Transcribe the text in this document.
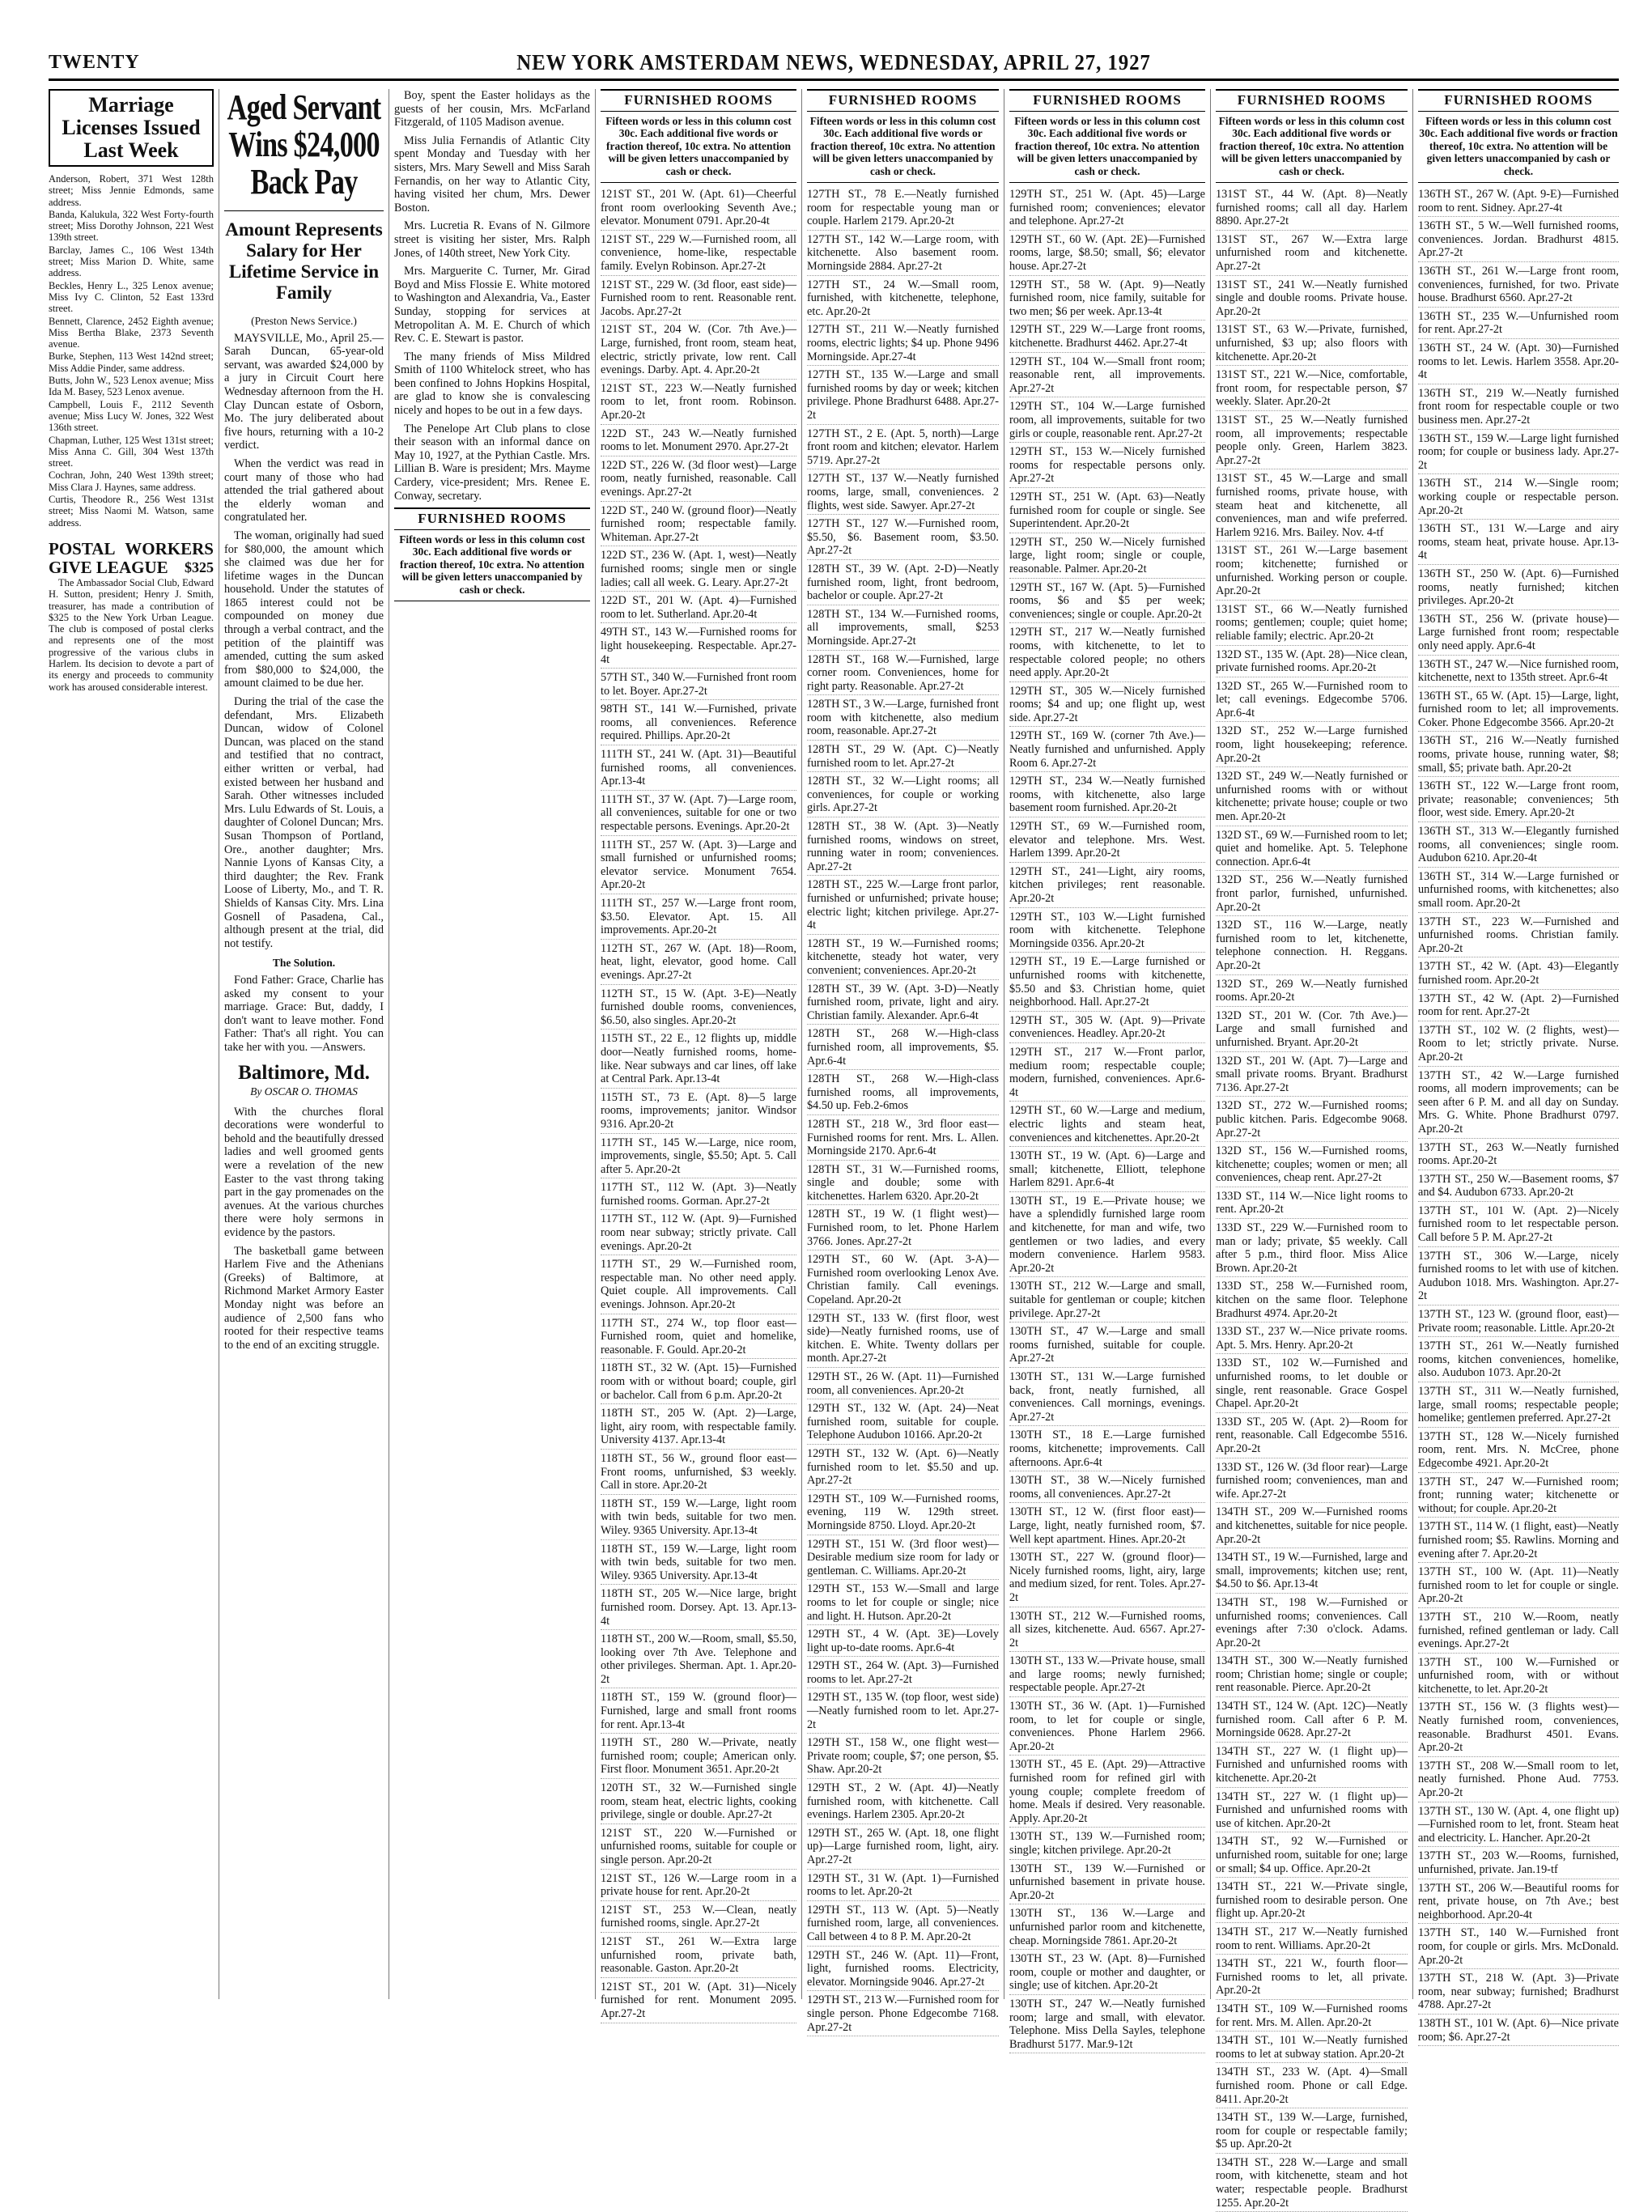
TWENTY	NEW YORK AMSTERDAM NEWS, WEDNESDAY, APRIL 27, 1927
Marriage Licenses Issued Last Week
Anderson, Robert, 371 West 128th street; Miss Jennie Edmonds, same address.
Banda, Kalukula, 322 West Forty-fourth street; Miss Dorothy Johnson, 221 West 139th street.
Barclay, James C., 106 West 134th street; Miss Marion D. White, same address.
Beckles, Henry L., 325 Lenox avenue; Miss Ivy C. Clinton, 52 East 133rd street.
Bennett, Clarence, 2452 Eighth avenue; Miss Bertha Blake, 2373 Seventh avenue.
Burke, Stephen, 113 West 142nd street; Miss Addie Pinder, same address.
Butts, John W., 523 Lenox avenue; Miss Ida M. Basey, 523 Lenox avenue.
Campbell, Louis F., 2112 Seventh avenue; Miss Lucy W. Jones, 322 West 136th street.
Chapman, Luther, 125 West 131st street; Miss Anna C. Gill, 304 West 137th street.
Cochran, John, 240 West 139th street; Miss Clara J. Haynes, same address.
Curtis, Theodore R., 256 West 131st street; Miss Naomi M. Watson, same address.
POSTAL WORKERS GIVE LEAGUE $325

The Ambassador Social Club, Edward H. Sutton, president; Henry J. Smith, treasurer, has made a contribution of $325 to the New York Urban League. The club is composed of postal clerks and represents one of the most progressive of the various clubs in Harlem. Its decision to devote a part of its energy and proceeds to community work has aroused considerable interest.

Aged Servant Wins $24,000 Back Pay
Amount Represents Salary for Her Lifetime Service in Family
(Preston News Service.)
MAYSVILLE, Mo., April 25.— Sarah Duncan, 65-year-old servant, was awarded $24,000 by a jury in Circuit Court here Wednesday afternoon from the H. Clay Duncan estate of Osborn, Mo. The jury deliberated about five hours, returning with a 10-2 verdict.
When the verdict was read in court many of those who had attended the trial gathered about the elderly woman and congratulated her.
The woman, originally had sued for $80,000, the amount which she claimed was due her for lifetime wages in the Duncan household. Under the statutes of 1865 interest could not be compounded on money due through a verbal contract, and the petition of the plaintiff was amended, cutting the sum asked from $80,000 to $24,000, the amount claimed to be due her.
During the trial of the case the defendant, Mrs. Elizabeth Duncan, widow of Colonel Duncan, was placed on the stand and testified that no contract, either written or verbal, had existed between her husband and Sarah. Other witnesses included Mrs. Lulu Edwards of St. Louis, a daughter of Colonel Duncan; Mrs. Susan Thompson of Portland, Ore., another daughter; Mrs. Nannie Lyons of Kansas City, a third daughter; the Rev. Frank Loose of Liberty, Mo., and T. R. Shields of Kansas City. Mrs. Lina Gosnell of Pasadena, Cal., although present at the trial, did not testify.
The Solution.

Fond Father: Grace, Charlie has asked my consent to your marriage. Grace: But, daddy, I don't want to leave mother. Fond Father: That's all right. You can take her with you. —Answers.

Baltimore, Md.
By OSCAR O. THOMAS
With the churches floral decorations were wonderful to behold and the beautifully dressed ladies and well groomed gents were a revelation of the new Easter to the vast throng taking part in the gay promenades on the avenues. At the various churches there were holy sermons in evidence by the pastors.
The basketball game between Harlem Five and the Athenians (Greeks) of Baltimore, at Richmond Market Armory Easter Monday night was before an audience of 2,500 fans who rooted for their respective teams to the end of an exciting struggle.
Boy, spent the Easter holidays as the guests of her cousin, Mrs. McFarland Fitzgerald, of 1105 Madison avenue.
Miss Julia Fernandis of Atlantic City spent Monday and Tuesday with her sisters, Mrs. Mary Sewell and Miss Sarah Fernandis, on her way to Atlantic City, having visited her chum, Mrs. Dewer Boston.
Mrs. Lucretia R. Evans of N. Gilmore street is visiting her sister, Mrs. Ralph Jones, of 140th street, New York City.
Mrs. Marguerite C. Turner, Mr. Girad Boyd and Miss Flossie E. White motored to Washington and Alexandria, Va., Easter Sunday, stopping for services at Metropolitan A. M. E. Church of which Rev. C. E. Stewart is pastor.
The many friends of Miss Mildred Smith of 1100 Whitelock street, who has been confined to Johns Hopkins Hospital, are glad to know she is convalescing nicely and hopes to be out in a few days.
The Penelope Art Club plans to close their season with an informal dance on May 10, 1927, at the Pythian Castle. Mrs. Lillian B. Ware is president; Mrs. Mayme Cardery, vice-president; Mrs. Renee E. Conway, secretary.
FURNISHED ROOMS
Fifteen words or less in this column cost 30c. Each additional five words or fraction thereof, 10c extra. No attention will be given letters unaccompanied by cash or check.
FURNISHED ROOMS
Fifteen words or less in this column cost 30c. Each additional five words or fraction thereof, 10c extra. No attention will be given letters unaccompanied by cash or check.
121ST ST., 201 W. (Apt. 61)—Cheerful front room overlooking Seventh Ave.; elevator. Monument 0791. Apr.20-4t
121ST ST., 229 W.—Furnished room, all convenience, home-like, respectable family. Evelyn Robinson. Apr.27-2t
121ST ST., 229 W. (3d floor, east side)—Furnished room to rent. Reasonable rent. Jacobs. Apr.27-2t
121ST ST., 204 W. (Cor. 7th Ave.)—Large, furnished, front room, steam heat, electric, strictly private, low rent. Call evenings. Darby. Apt. 4. Apr.20-2t
121ST ST., 223 W.—Neatly furnished room to let, front room. Robinson. Apr.20-2t
122D ST., 243 W.—Neatly furnished rooms to let. Monument 2970. Apr.27-2t
122D ST., 226 W. (3d floor west)—Large room, neatly furnished, reasonable. Call evenings. Apr.27-2t
122D ST., 240 W. (ground floor)—Neatly furnished room; respectable family. Whiteman. Apr.27-2t
122D ST., 236 W. (Apt. 1, west)—Neatly furnished rooms; single men or single ladies; call all week. G. Leary. Apr.27-2t
122D ST., 201 W. (Apt. 4)—Furnished room to let. Sutherland. Apr.20-4t
49TH ST., 143 W.—Furnished rooms for light housekeeping. Respectable. Apr.27-4t
57TH ST., 340 W.—Furnished front room to let. Boyer. Apr.27-2t
98TH ST., 141 W.—Furnished, private rooms, all conveniences. Reference required. Phillips. Apr.20-2t
111TH ST., 241 W. (Apt. 31)—Beautiful furnished rooms, all conveniences. Apr.13-4t
111TH ST., 37 W. (Apt. 7)—Large room, all conveniences, suitable for one or two respectable persons. Evenings. Apr.20-2t
111TH ST., 257 W. (Apt. 3)—Large and small furnished or unfurnished rooms; elevator service. Monument 7654. Apr.20-2t
111TH ST., 257 W.—Large front room, $3.50. Elevator. Apt. 15. All improvements. Apr.20-2t
112TH ST., 267 W. (Apt. 18)—Room, heat, light, elevator, good home. Call evenings. Apr.27-2t
112TH ST., 15 W. (Apt. 3-E)—Neatly furnished double rooms, conveniences, $6.50, also singles. Apr.20-2t
115TH ST., 22 E., 12 flights up, middle door—Neatly furnished rooms, home-like. Near subways and car lines, off lake at Central Park. Apr.13-4t
115TH ST., 73 E. (Apt. 8)—5 large rooms, improvements; janitor. Windsor 9316. Apr.20-2t
117TH ST., 145 W.—Large, nice room, improvements, single, $5.50; Apt. 5. Call after 5. Apr.20-2t
117TH ST., 112 W. (Apt. 3)—Neatly furnished rooms. Gorman. Apr.27-2t
117TH ST., 112 W. (Apt. 9)—Furnished room near subway; strictly private. Call evenings. Apr.20-2t
117TH ST., 29 W.—Furnished room, respectable man. No other need apply. Quiet couple. All improvements. Call evenings. Johnson. Apr.20-2t
117TH ST., 274 W., top floor east—Furnished room, quiet and homelike, reasonable. F. Gould. Apr.20-2t
118TH ST., 32 W. (Apt. 15)—Furnished room with or without board; couple, girl or bachelor. Call from 6 p.m. Apr.20-2t
118TH ST., 205 W. (Apt. 2)—Large, light, airy room, with respectable family. University 4137. Apr.13-4t
118TH ST., 56 W., ground floor east—Front rooms, unfurnished, $3 weekly. Call in store. Apr.20-2t
118TH ST., 159 W.—Large, light room with twin beds, suitable for two men. Wiley. 9365 University. Apr.13-4t
118TH ST., 159 W.—Large, light room with twin beds, suitable for two men. Wiley. 9365 University. Apr.13-4t
118TH ST., 205 W.—Nice large, bright furnished room. Dorsey. Apt. 13. Apr.13-4t
118TH ST., 200 W.—Room, small, $5.50, looking over 7th Ave. Telephone and other privileges. Sherman. Apt. 1. Apr.20-2t
118TH ST., 159 W. (ground floor)—Furnished, large and small front rooms for rent. Apr.13-4t
119TH ST., 280 W.—Private, neatly furnished room; couple; American only. First floor. Monument 3651. Apr.20-2t
120TH ST., 32 W.—Furnished single room, steam heat, electric lights, cooking privilege, single or double. Apr.27-2t
121ST ST., 220 W.—Furnished or unfurnished rooms, suitable for couple or single person. Apr.20-2t
121ST ST., 126 W.—Large room in a private house for rent. Apr.20-2t
121ST ST., 253 W.—Clean, neatly furnished rooms, single. Apr.27-2t
121ST ST., 261 W.—Extra large unfurnished room, private bath, reasonable. Gaston. Apr.20-2t
121ST ST., 201 W. (Apt. 31)—Nicely furnished for rent. Monument 2095. Apr.27-2t
FURNISHED ROOMS
Fifteen words or less in this column cost 30c. Each additional five words or fraction thereof, 10c extra. No attention will be given letters unaccompanied by cash or check.
127TH ST., 78 E.—Neatly furnished room for respectable young man or couple. Harlem 2179. Apr.20-2t
127TH ST., 142 W.—Large room, with kitchenette. Also basement room. Morningside 2884. Apr.27-2t
127TH ST., 24 W.—Small room, furnished, with kitchenette, telephone, etc. Apr.20-2t
127TH ST., 211 W.—Neatly furnished rooms, electric lights; $4 up. Phone 9496 Morningside. Apr.27-4t
127TH ST., 135 W.—Large and small furnished rooms by day or week; kitchen privilege. Phone Bradhurst 6488. Apr.27-2t
127TH ST., 2 E. (Apt. 5, north)—Large front room and kitchen; elevator. Harlem 5719. Apr.27-2t
127TH ST., 137 W.—Neatly furnished rooms, large, small, conveniences. 2 flights, west side. Sawyer. Apr.27-2t
127TH ST., 127 W.—Furnished room, $5.50, $6. Basement room, $3.50. Apr.27-2t
128TH ST., 39 W. (Apt. 2-D)—Neatly furnished room, light, front bedroom, bachelor or couple. Apr.27-2t
128TH ST., 134 W.—Furnished rooms, all improvements, small, $253 Morningside. Apr.27-2t
128TH ST., 168 W.—Furnished, large corner room. Conveniences, home for right party. Reasonable. Apr.27-2t
128TH ST., 3 W.—Large, furnished front room with kitchenette, also medium room, reasonable. Apr.27-2t
128TH ST., 29 W. (Apt. C)—Neatly furnished room to let. Apr.27-2t
128TH ST., 32 W.—Light rooms; all conveniences, for couple or working girls. Apr.27-2t
128TH ST., 38 W. (Apt. 3)—Neatly furnished rooms, windows on street, running water in room; conveniences. Apr.27-2t
128TH ST., 225 W.—Large front parlor, furnished or unfurnished; private house; electric light; kitchen privilege. Apr.27-4t
128TH ST., 19 W.—Furnished rooms; kitchenette, steady hot water, very convenient; conveniences. Apr.20-2t
128TH ST., 39 W. (Apt. 3-D)—Neatly furnished room, private, light and airy. Christian family. Alexander. Apr.6-4t
128TH ST., 268 W.—High-class furnished room, all improvements, $5. Apr.6-4t
128TH ST., 268 W.—High-class furnished rooms, all improvements, $4.50 up. Feb.2-6mos
128TH ST., 218 W., 3rd floor east—Furnished rooms for rent. Mrs. L. Allen. Morningside 2170. Apr.6-4t
128TH ST., 31 W.—Furnished rooms, single and double; some with kitchenettes. Harlem 6320. Apr.20-2t
128TH ST., 19 W. (1 flight west)—Furnished room, to let. Phone Harlem 3766. Jones. Apr.27-2t
129TH ST., 60 W. (Apt. 3-A)—Furnished room overlooking Lenox Ave. Christian family. Call evenings. Copeland. Apr.20-2t
129TH ST., 133 W. (first floor, west side)—Neatly furnished rooms, use of kitchen. E. White. Twenty dollars per month. Apr.27-2t
129TH ST., 26 W. (Apt. 11)—Furnished room, all conveniences. Apr.20-2t
129TH ST., 132 W. (Apt. 24)—Neat furnished room, suitable for couple. Telephone Audubon 10166. Apr.20-2t
129TH ST., 132 W. (Apt. 6)—Neatly furnished room to let. $5.50 and up. Apr.27-2t
129TH ST., 109 W.—Furnished rooms, evening, 119 W. 129th street. Morningside 8750. Lloyd. Apr.20-2t
129TH ST., 151 W. (3rd floor west)—Desirable medium size room for lady or gentleman. C. Williams. Apr.20-2t
129TH ST., 153 W.—Small and large rooms to let for couple or single; nice and light. H. Hutson. Apr.20-2t
129TH ST., 4 W. (Apt. 3E)—Lovely light up-to-date rooms. Apr.6-4t
129TH ST., 264 W. (Apt. 3)—Furnished rooms to let. Apr.27-2t
129TH ST., 135 W. (top floor, west side)—Neatly furnished room to let. Apr.27-2t
129TH ST., 158 W., one flight west—Private room; couple, $7; one person, $5. Shaw. Apr.20-2t
129TH ST., 2 W. (Apt. 4J)—Neatly furnished room, with kitchenette. Call evenings. Harlem 2305. Apr.20-2t
129TH ST., 265 W. (Apt. 18, one flight up)—Large furnished room, light, airy. Apr.27-2t
129TH ST., 31 W. (Apt. 1)—Furnished rooms to let. Apr.20-2t
129TH ST., 113 W. (Apt. 5)—Neatly furnished room, large, all conveniences. Call between 4 to 8 P. M. Apr.20-2t
129TH ST., 246 W. (Apt. 11)—Front, light, furnished rooms. Electricity, elevator. Morningside 9046. Apr.27-2t
129TH ST., 213 W.—Furnished room for single person. Phone Edgecombe 7168. Apr.27-2t
FURNISHED ROOMS
Fifteen words or less in this column cost 30c. Each additional five words or fraction thereof, 10c extra. No attention will be given letters unaccompanied by cash or check.
129TH ST., 251 W. (Apt. 45)—Large furnished room; conveniences; elevator and telephone. Apr.27-2t
129TH ST., 60 W. (Apt. 2E)—Furnished rooms, large, $8.50; small, $6; elevator house. Apr.27-2t
129TH ST., 58 W. (Apt. 9)—Neatly furnished room, nice family, suitable for two men; $6 per week. Apr.13-4t
129TH ST., 229 W.—Large front rooms, kitchenette. Bradhurst 4462. Apr.27-4t
129TH ST., 104 W.—Small front room; reasonable rent, all improvements. Apr.27-2t
129TH ST., 104 W.—Large furnished room, all improvements, suitable for two girls or couple, reasonable rent. Apr.27-2t
129TH ST., 153 W.—Nicely furnished rooms for respectable persons only. Apr.27-2t
129TH ST., 251 W. (Apt. 63)—Neatly furnished room for couple or single. See Superintendent. Apr.20-2t
129TH ST., 250 W.—Nicely furnished large, light room; single or couple, reasonable. Palmer. Apr.20-2t
129TH ST., 167 W. (Apt. 5)—Furnished rooms, $6 and $5 per week; conveniences; single or couple. Apr.20-2t
129TH ST., 217 W.—Neatly furnished rooms, with kitchenette, to let to respectable colored people; no others need apply. Apr.20-2t
129TH ST., 305 W.—Nicely furnished rooms; $4 and up; one flight up, west side. Apr.27-2t
129TH ST., 169 W. (corner 7th Ave.)—Neatly furnished and unfurnished. Apply Room 6. Apr.27-2t
129TH ST., 234 W.—Neatly furnished rooms, with kitchenette, also large basement room furnished. Apr.20-2t
129TH ST., 69 W.—Furnished room, elevator and telephone. Mrs. West. Harlem 1399. Apr.20-2t
129TH ST., 241—Light, airy rooms, kitchen privileges; rent reasonable. Apr.20-2t
129TH ST., 103 W.—Light furnished room with kitchenette. Telephone Morningside 0356. Apr.20-2t
129TH ST., 19 E.—Large furnished or unfurnished rooms with kitchenette, $5.50 and $3. Christian home, quiet neighborhood. Hall. Apr.27-2t
129TH ST., 305 W. (Apt. 9)—Private conveniences. Headley. Apr.20-2t
129TH ST., 217 W.—Front parlor, medium room; respectable couple; modern, furnished, conveniences. Apr.6-4t
129TH ST., 60 W.—Large and medium, electric lights and steam heat, conveniences and kitchenettes. Apr.20-2t
130TH ST., 19 W. (Apt. 6)—Large and small; kitchenette, Elliott, telephone Harlem 8291. Apr.6-4t
130TH ST., 19 E.—Private house; we have a splendidly furnished large room and kitchenette, for man and wife, two gentlemen or two ladies, and every modern convenience. Harlem 9583. Apr.20-2t
130TH ST., 212 W.—Large and small, suitable for gentleman or couple; kitchen privilege. Apr.27-2t
130TH ST., 47 W.—Large and small rooms furnished, suitable for couple. Apr.27-2t
130TH ST., 131 W.—Large furnished back, front, neatly furnished, all conveniences. Call mornings, evenings. Apr.27-2t
130TH ST., 18 E.—Large furnished rooms, kitchenette; improvements. Call afternoons. Apr.6-4t
130TH ST., 38 W.—Nicely furnished rooms, all conveniences. Apr.27-2t
130TH ST., 12 W. (first floor east)—Large, light, neatly furnished room, $7. Well kept apartment. Hines. Apr.20-2t
130TH ST., 227 W. (ground floor)—Nicely furnished rooms, light, airy, large and medium sized, for rent. Toles. Apr.27-2t
130TH ST., 212 W.—Furnished rooms, all sizes, kitchenette. Aud. 6567. Apr.27-2t
130TH ST., 133 W.—Private house, small and large rooms; newly furnished; respectable people. Apr.27-2t
130TH ST., 36 W. (Apt. 1)—Furnished room, to let for couple or single, conveniences. Phone Harlem 2966. Apr.20-2t
130TH ST., 45 E. (Apt. 29)—Attractive furnished room for refined girl with young couple; complete freedom of home. Meals if desired. Very reasonable. Apply. Apr.20-2t
130TH ST., 139 W.—Furnished room; single; kitchen privilege. Apr.20-2t
130TH ST., 139 W.—Furnished or unfurnished basement in private house. Apr.20-2t
130TH ST., 136 W.—Large and unfurnished parlor room and kitchenette, cheap. Morningside 7861. Apr.20-2t
130TH ST., 23 W. (Apt. 8)—Furnished room, couple or mother and daughter, or single; use of kitchen. Apr.20-2t
130TH ST., 247 W.—Neatly furnished room; large and small, with elevator. Telephone. Miss Della Sayles, telephone Bradhurst 5177. Mar.9-12t
FURNISHED ROOMS
Fifteen words or less in this column cost 30c. Each additional five words or fraction thereof, 10c extra. No attention will be given letters unaccompanied by cash or check.
131ST ST., 44 W. (Apt. 8)—Neatly furnished rooms; call all day. Harlem 8890. Apr.27-2t
131ST ST., 267 W.—Extra large unfurnished room and kitchenette. Apr.27-2t
131ST ST., 241 W.—Neatly furnished single and double rooms. Private house. Apr.20-2t
131ST ST., 63 W.—Private, furnished, unfurnished, $3 up; also floors with kitchenette. Apr.20-2t
131ST ST., 221 W.—Nice, comfortable, front room, for respectable person, $7 weekly. Slater. Apr.20-2t
131ST ST., 25 W.—Neatly furnished room, all improvements; respectable people only. Green, Harlem 3823. Apr.27-2t
131ST ST., 45 W.—Large and small furnished rooms, private house, with steam heat and kitchenette, all conveniences, man and wife preferred. Harlem 9216. Mrs. Bailey. Nov. 4-tf
131ST ST., 261 W.—Large basement room; kitchenette; furnished or unfurnished. Working person or couple. Apr.20-2t
131ST ST., 66 W.—Neatly furnished rooms; gentlemen; couple; quiet home; reliable family; electric. Apr.20-2t
132D ST., 135 W. (Apt. 28)—Nice clean, private furnished rooms. Apr.20-2t
132D ST., 265 W.—Furnished room to let; call evenings. Edgecombe 5706. Apr.6-4t
132D ST., 252 W.—Large furnished room, light housekeeping; reference. Apr.20-2t
132D ST., 249 W.—Neatly furnished or unfurnished rooms with or without kitchenette; private house; couple or two men. Apr.20-2t
132D ST., 69 W.—Furnished room to let; quiet and homelike. Apt. 5. Telephone connection. Apr.6-4t
132D ST., 256 W.—Neatly furnished front parlor, furnished, unfurnished. Apr.20-2t
132D ST., 116 W.—Large, neatly furnished room to let, kitchenette, telephone connection. H. Reggans. Apr.20-2t
132D ST., 269 W.—Neatly furnished rooms. Apr.20-2t
132D ST., 201 W. (Cor. 7th Ave.)—Large and small furnished and unfurnished. Bryant. Apr.20-2t
132D ST., 201 W. (Apt. 7)—Large and small private rooms. Bryant. Bradhurst 7136. Apr.27-2t
132D ST., 272 W.—Furnished rooms; public kitchen. Paris. Edgecombe 9068. Apr.27-2t
132D ST., 156 W.—Furnished rooms, kitchenette; couples; women or men; all conveniences, cheap rent. Apr.27-2t
133D ST., 114 W.—Nice light rooms to rent. Apr.20-2t
133D ST., 229 W.—Furnished room to man or lady; private, $5 weekly. Call after 5 p.m., third floor. Miss Alice Brown. Apr.20-2t
133D ST., 258 W.—Furnished room, kitchen on the same floor. Telephone Bradhurst 4974. Apr.20-2t
133D ST., 237 W.—Nice private rooms. Apt. 5. Mrs. Henry. Apr.20-2t
133D ST., 102 W.—Furnished and unfurnished rooms, to let double or single, rent reasonable. Grace Gospel Chapel. Apr.20-2t
133D ST., 205 W. (Apt. 2)—Room for rent, reasonable. Call Edgecombe 5516. Apr.20-2t
133D ST., 126 W. (3d floor rear)—Large furnished room; conveniences, man and wife. Apr.27-2t
134TH ST., 209 W.—Furnished rooms and kitchenettes, suitable for nice people. Apr.20-2t
134TH ST., 19 W.—Furnished, large and small, improvements; kitchen use; rent, $4.50 to $6. Apr.13-4t
134TH ST., 198 W.—Furnished or unfurnished rooms; conveniences. Call evenings after 7:30 o'clock. Adams. Apr.20-2t
134TH ST., 300 W.—Neatly furnished room; Christian home; single or couple; rent reasonable. Pierce. Apr.20-2t
134TH ST., 124 W. (Apt. 12C)—Neatly furnished room. Call after 6 P. M. Morningside 0628. Apr.27-2t
134TH ST., 227 W. (1 flight up)—Furnished and unfurnished rooms with kitchenette. Apr.20-2t
134TH ST., 227 W. (1 flight up)—Furnished and unfurnished rooms with use of kitchen. Apr.20-2t
134TH ST., 92 W.—Furnished or unfurnished room, suitable for one; large or small; $4 up. Office. Apr.20-2t
134TH ST., 221 W.—Private single, furnished room to desirable person. One flight up. Apr.20-2t
134TH ST., 217 W.—Neatly furnished room to rent. Williams. Apr.20-2t
134TH ST., 221 W., fourth floor—Furnished rooms to let, all private. Apr.20-2t
134TH ST., 109 W.—Furnished rooms for rent. Mrs. M. Allen. Apr.20-2t
134TH ST., 101 W.—Neatly furnished rooms to let at subway station. Apr.20-2t
134TH ST., 233 W. (Apt. 4)—Small furnished room. Phone or call Edge. 8411. Apr.20-2t
134TH ST., 139 W.—Large, furnished, room for couple or respectable family; $5 up. Apr.20-2t
134TH ST., 228 W.—Large and small room, with kitchenette, steam and hot water; respectable people. Bradhurst 1255. Apr.20-2t
FURNISHED ROOMS
Fifteen words or less in this column cost 30c. Each additional five words or fraction thereof, 10c extra. No attention will be given letters unaccompanied by cash or check.
136TH ST., 267 W. (Apt. 9-E)—Furnished room to rent. Sidney. Apr.27-4t
136TH ST., 5 W.—Well furnished rooms, conveniences. Jordan. Bradhurst 4815. Apr.27-2t
136TH ST., 261 W.—Large front room, conveniences, furnished, for two. Private house. Bradhurst 6560. Apr.27-2t
136TH ST., 235 W.—Unfurnished room for rent. Apr.27-2t
136TH ST., 24 W. (Apt. 30)—Furnished rooms to let. Lewis. Harlem 3558. Apr.20-4t
136TH ST., 219 W.—Neatly furnished front room for respectable couple or two business men. Apr.27-2t
136TH ST., 159 W.—Large light furnished room; for couple or business lady. Apr.27-2t
136TH ST., 214 W.—Single room; working couple or respectable person. Apr.20-2t
136TH ST., 131 W.—Large and airy rooms, steam heat, private house. Apr.13-4t
136TH ST., 250 W. (Apt. 6)—Furnished rooms, neatly furnished; kitchen privileges. Apr.20-2t
136TH ST., 256 W. (private house)—Large furnished front room; respectable only need apply. Apr.6-4t
136TH ST., 247 W.—Nice furnished room, kitchenette, next to 135th street. Apr.6-4t
136TH ST., 65 W. (Apt. 15)—Large, light, furnished room to let; all improvements. Coker. Phone Edgecombe 3566. Apr.20-2t
136TH ST., 216 W.—Neatly furnished rooms, private house, running water, $8; small, $5; private bath. Apr.20-2t
136TH ST., 122 W.—Large front room, private; reasonable; conveniences; 5th floor, west side. Emery. Apr.20-2t
136TH ST., 313 W.—Elegantly furnished rooms, all conveniences; single room. Audubon 6210. Apr.20-4t
136TH ST., 314 W.—Large furnished or unfurnished rooms, with kitchenettes; also small room. Apr.20-2t
137TH ST., 223 W.—Furnished and unfurnished rooms. Christian family. Apr.20-2t
137TH ST., 42 W. (Apt. 43)—Elegantly furnished room. Apr.20-2t
137TH ST., 42 W. (Apt. 2)—Furnished room for rent. Apr.27-2t
137TH ST., 102 W. (2 flights, west)—Room to let; strictly private. Nurse. Apr.20-2t
137TH ST., 42 W.—Large furnished rooms, all modern improvements; can be seen after 6 P. M. and all day on Sunday. Mrs. G. White. Phone Bradhurst 0797. Apr.20-2t
137TH ST., 263 W.—Neatly furnished rooms. Apr.20-2t
137TH ST., 250 W.—Basement rooms, $7 and $4. Audubon 6733. Apr.20-2t
137TH ST., 101 W. (Apt. 2)—Nicely furnished room to let respectable person. Call before 5 P. M. Apr.27-2t
137TH ST., 306 W.—Large, nicely furnished rooms to let with use of kitchen. Audubon 1018. Mrs. Washington. Apr.27-2t
137TH ST., 123 W. (ground floor, east)—Private room; reasonable. Little. Apr.20-2t
137TH ST., 261 W.—Neatly furnished rooms, kitchen conveniences, homelike, also. Audubon 1073. Apr.20-2t
137TH ST., 311 W.—Neatly furnished, large, small rooms; respectable people; homelike; gentlemen preferred. Apr.27-2t
137TH ST., 128 W.—Nicely furnished room, rent. Mrs. N. McCree, phone Edgecombe 4921. Apr.20-2t
137TH ST., 247 W.—Furnished room; front; running water; kitchenette or without; for couple. Apr.20-2t
137TH ST., 114 W. (1 flight, east)—Neatly furnished room; $5. Rawlins. Morning and evening after 7. Apr.20-2t
137TH ST., 100 W. (Apt. 11)—Neatly furnished room to let for couple or single. Apr.20-2t
137TH ST., 210 W.—Room, neatly furnished, refined gentleman or lady. Call evenings. Apr.27-2t
137TH ST., 100 W.—Furnished or unfurnished room, with or without kitchenette, to let. Apr.20-2t
137TH ST., 156 W. (3 flights west)—Neatly furnished room, conveniences, reasonable. Bradhurst 4501. Evans. Apr.20-2t
137TH ST., 208 W.—Small room to let, neatly furnished. Phone Aud. 7753. Apr.20-2t
137TH ST., 130 W. (Apt. 4, one flight up)—Furnished room to let, front. Steam heat and electricity. L. Hancher. Apr.20-2t
137TH ST., 203 W.—Rooms, furnished, unfurnished, private. Jan.19-tf
137TH ST., 206 W.—Beautiful rooms for rent, private house, on 7th Ave.; best neighborhood. Apr.20-4t
137TH ST., 140 W.—Furnished front room, for couple or girls. Mrs. McDonald. Apr.20-2t
137TH ST., 218 W. (Apt. 3)—Private room, near subway; furnished; Bradhurst 4788. Apr.27-2t
138TH ST., 101 W. (Apt. 6)—Nice private room; $6. Apr.27-2t
